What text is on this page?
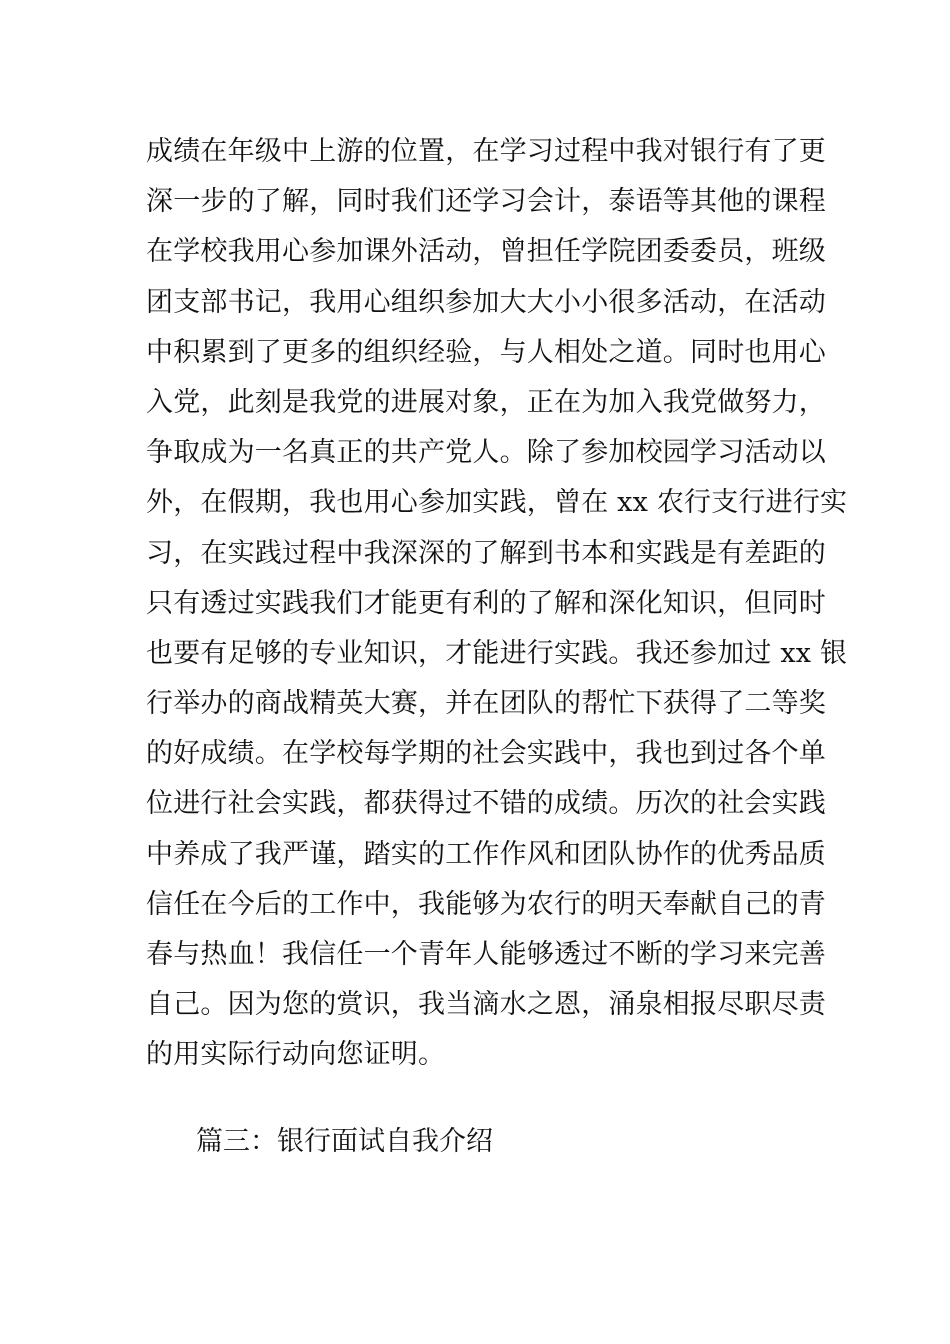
成绩在年级中上游的位置，在学习过程中我对银行有了更
深一步的了解，同时我们还学习会计，泰语等其他的课程
在学校我用心参加课外活动，曾担任学院团委委员，班级
团支部书记，我用心组织参加大大小小很多活动，在活动
中积累到了更多的组织经验，与人相处之道。同时也用心
入党，此刻是我党的进展对象，正在为加入我党做努力，
争取成为一名真正的共产党人。除了参加校园学习活动以
外，在假期，我也用心参加实践，曾在 xx 农行支行进行实
习，在实践过程中我深深的了解到书本和实践是有差距的
只有透过实践我们才能更有利的了解和深化知识，但同时
也要有足够的专业知识，才能进行实践。我还参加过 xx 银
行举办的商战精英大赛，并在团队的帮忙下获得了二等奖
的好成绩。在学校每学期的社会实践中，我也到过各个单
位进行社会实践，都获得过不错的成绩。历次的社会实践
中养成了我严谨，踏实的工作作风和团队协作的优秀品质
信任在今后的工作中，我能够为农行的明天奉献自己的青
春与热血！我信任一个青年人能够透过不断的学习来完善
自己。因为您的赏识，我当滴水之恩，涌泉相报尽职尽责
的用实际行动向您证明。
篇三：银行面试自我介绍
